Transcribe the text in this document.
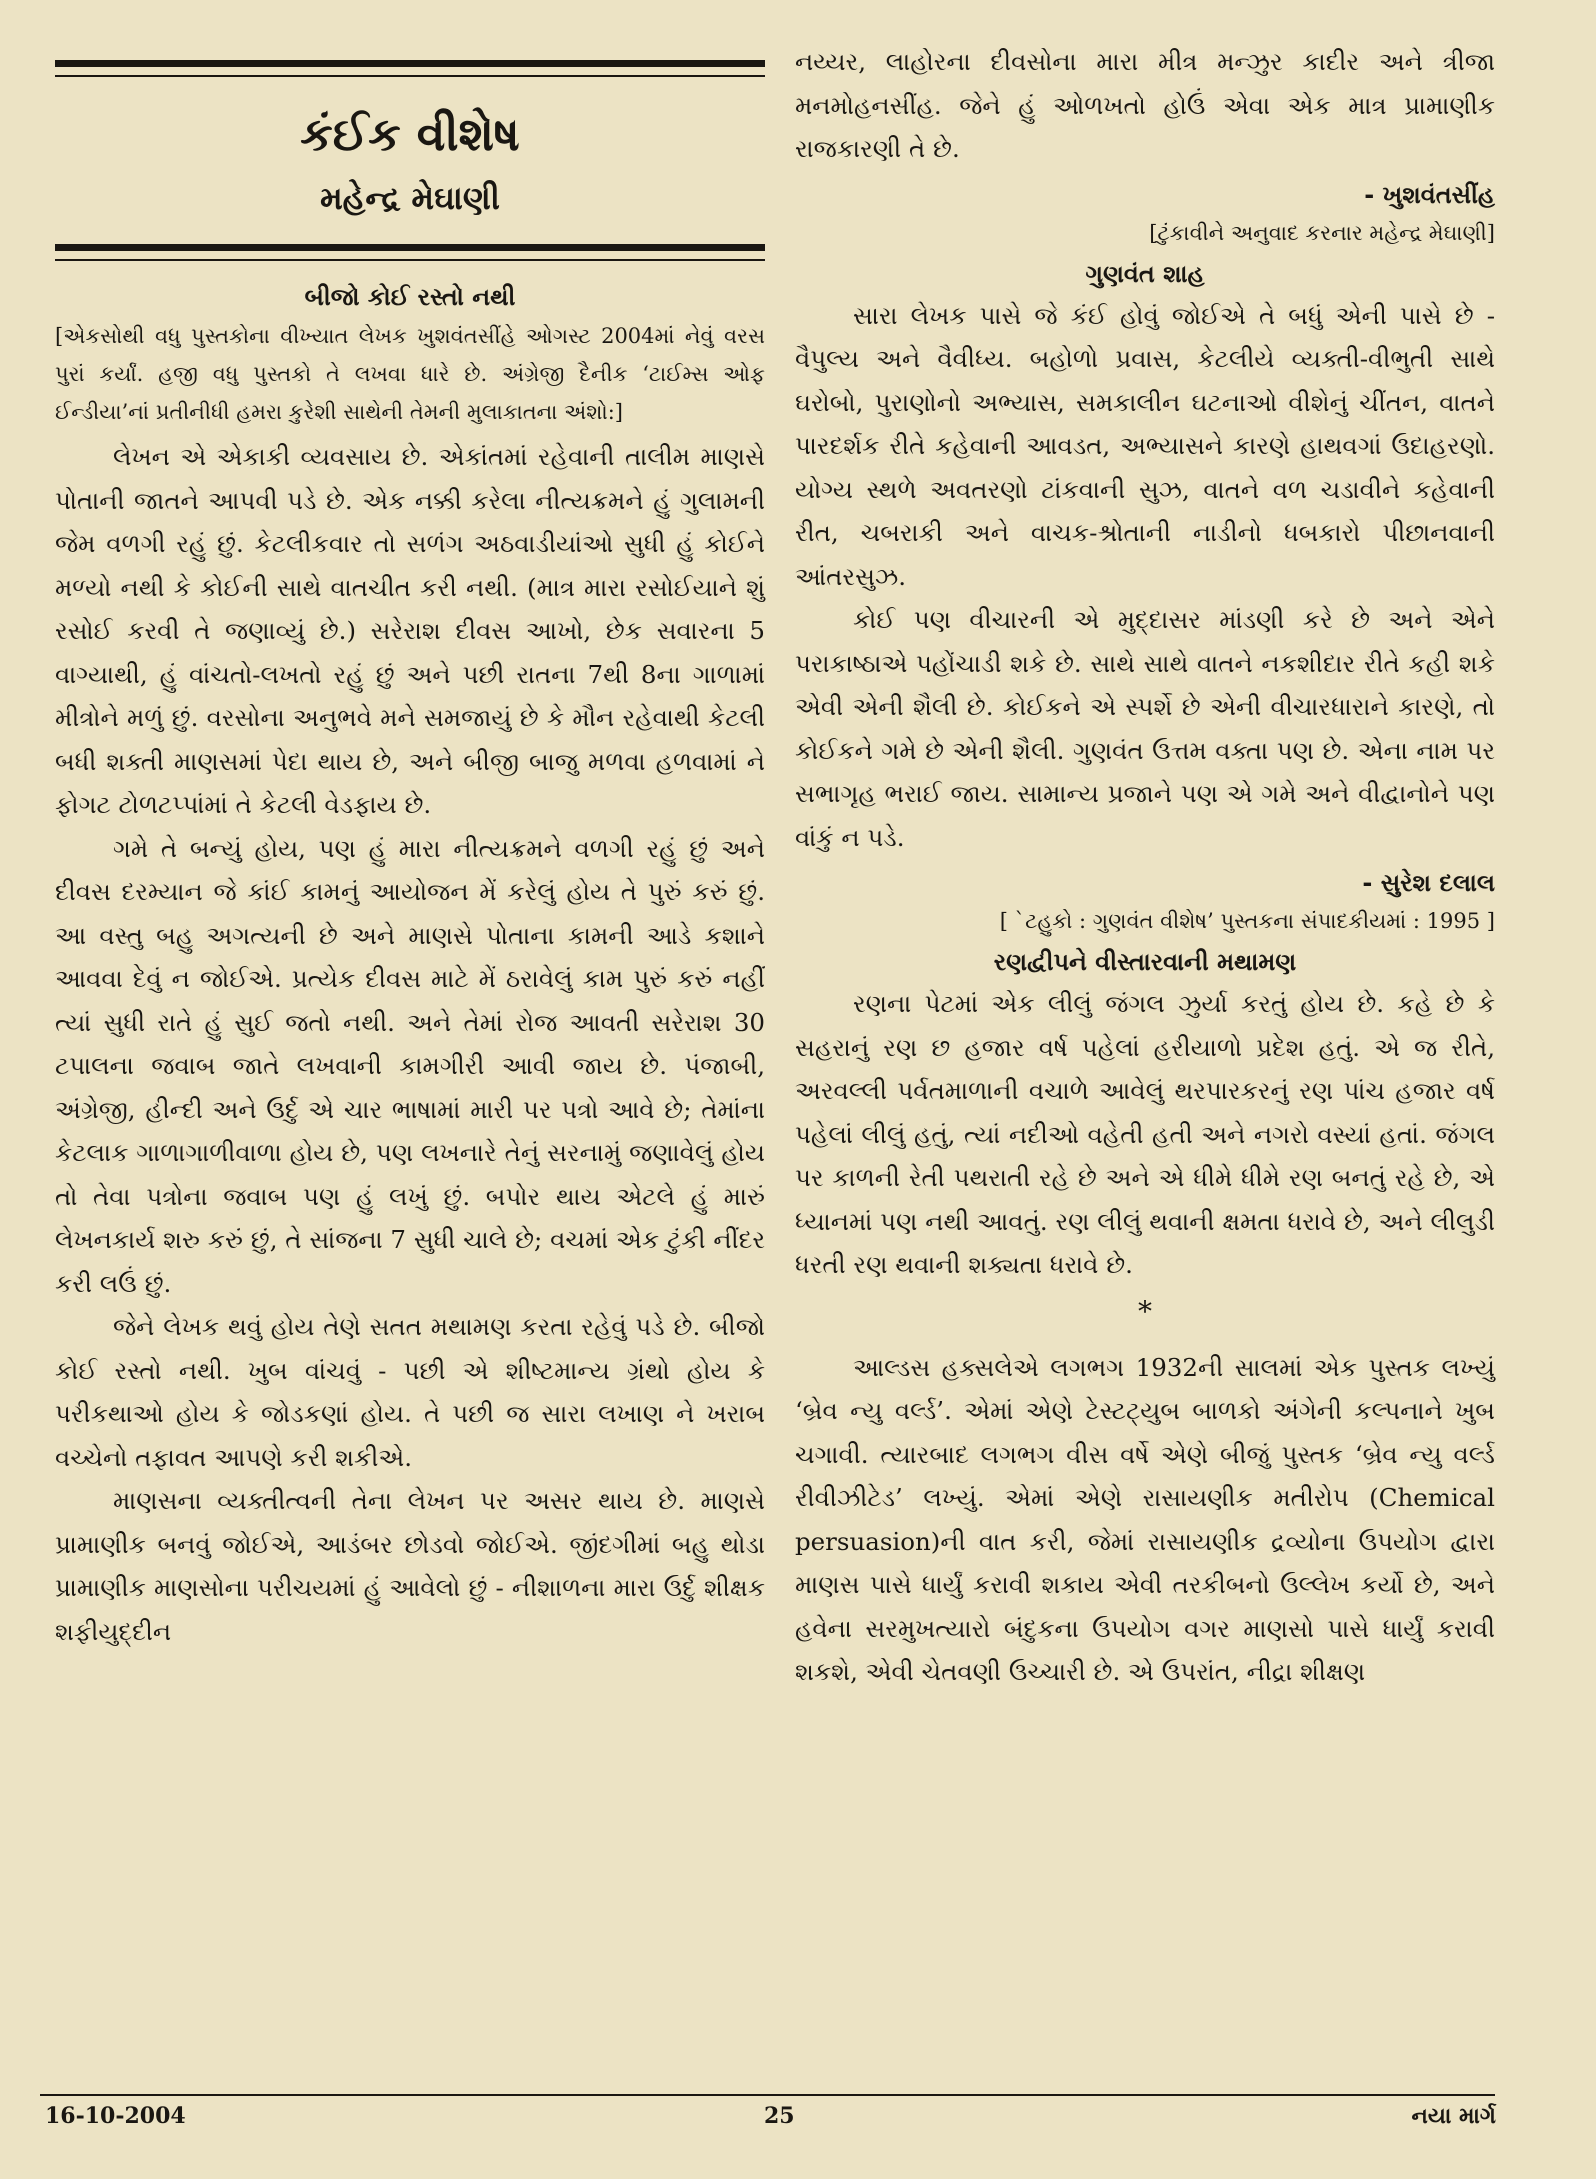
કંઈક વીશેષ
મહેન્દ્ર મેઘાણી
બીજો કોઈ રસ્તો નથી
[એકસોથી વધુ પુસ્તકોના વીખ્યાત લેખક ખુશવંતસીંહે ઓગસ્ટ 2004માં નેવું વરસ પુરાં કર્યાં. હજી વધુ પુસ્તકો તે લખવા ધારે છે. અંગ્રેજી દૈનીક ‘ટાઈમ્સ ઓફ ઈન્ડીયા’નાં પ્રતીનીધી હમરા કુરેશી સાથેની તેમની મુલાકાતના અંશો:]

લેખન એ એકાકી વ્યવસાય છે. એકાંતમાં રહેવાની તાલીમ માણસે પોતાની જાતને આપવી પડે છે. એક નક્કી કરેલા નીત્યક્રમને હું ગુલામની જેમ વળગી રહું છું. કેટલીકવાર તો સળંગ અઠવાડીયાંઓ સુધી હું કોઈને મળ્યો નથી કે કોઈની સાથે વાતચીત કરી નથી. (માત્ર મારા રસોઈયાને શું રસોઈ કરવી તે જણાવ્યું છે.) સરેરાશ દીવસ આખો, છેક સવારના 5 વાગ્યાથી, હું વાંચતો-લખતો રહું છું અને પછી રાતના 7થી 8ના ગાળામાં મીત્રોને મળું છું. વરસોના અનુભવે મને સમજાયું છે કે મૌન રહેવાથી કેટલી બધી શક્તી માણસમાં પેદા થાય છે, અને બીજી બાજુ મળવા હળવામાં ને ફોગટ ટોળટપ્પાંમાં તે કેટલી વેડફાય છે.

ગમે તે બન્યું હોય, પણ હું મારા નીત્યક્રમને વળગી રહું છું અને દીવસ દરમ્યાન જે કાંઈ કામનું આયોજન મેં કરેલું હોય તે પુરું કરું છું. આ વસ્તુ બહુ અગત્યની છે અને માણસે પોતાના કામની આડે કશાને આવવા દેવું ન જોઈએ. પ્રત્યેક દીવસ માટે મેં ઠરાવેલું કામ પુરું કરું નહીં ત્યાં સુધી રાતે હું સુઈ જતો નથી. અને તેમાં રોજ આવતી સરેરાશ 30 ટપાલના જવાબ જાતે લખવાની કામગીરી આવી જાય છે. પંજાબી, અંગ્રેજી, હીન્દી અને ઉર્દુ એ ચાર ભાષામાં મારી પર પત્રો આવે છે; તેમાંના કેટલાક ગાળાગાળીવાળા હોય છે, પણ લખનારે તેનું સરનામું જણાવેલું હોય તો તેવા પત્રોના જવાબ પણ હું લખું છું. બપોર થાય એટલે હું મારું લેખનકાર્ય શરુ કરું છું, તે સાંજના 7 સુધી ચાલે છે; વચમાં એક ટુંકી નીંદર કરી લઉં છું.

જેને લેખક થવું હોય તેણે સતત મથામણ કરતા રહેવું પડે છે. બીજો કોઈ રસ્તો નથી. ખુબ વાંચવું - પછી એ શીષ્ટમાન્ય ગ્રંથો હોય કે પરીકથાઓ હોય કે જોડકણાં હોય. તે પછી જ સારા લખાણ ને ખરાબ વચ્ચેનો તફાવત આપણે કરી શકીએ.

માણસના વ્યક્તીત્વની તેના લેખન પર અસર થાય છે. માણસે પ્રામાણીક બનવું જોઈએ, આડંબર છોડવો જોઈએ. જીંદગીમાં બહુ થોડા પ્રામાણીક માણસોના પરીચયમાં હું આવેલો છું - નીશાળના મારા ઉર્દુ શીક્ષક શફીયુદ્દીન

નય્યર, લાહોરના દીવસોના મારા મીત્ર મન્ઝુર કાદીર અને ત્રીજા મનમોહનસીંહ. જેને હું ઓળખતો હોઉં એવા એક માત્ર પ્રામાણીક રાજકારણી તે છે.

- ખુશવંતસીંહ
[ટુંકાવીને અનુવાદ કરનાર મહેન્દ્ર મેઘાણી]
ગુણવંત શાહ

સારા લેખક પાસે જે કંઈ હોવું જોઈએ તે બધું એની પાસે છે - વૈપુલ્ય અને વૈવીધ્ય. બહોળો પ્રવાસ, કેટલીયે વ્યક્તી-વીભુતી સાથે ઘરોબો, પુરાણોનો અભ્યાસ, સમકાલીન ઘટનાઓ વીશેનું ચીંતન, વાતને પારદર્શક રીતે કહેવાની આવડત, અભ્યાસને કારણે હાથવગાં ઉદાહરણો. યોગ્ય સ્થળે અવતરણો ટાંકવાની સુઝ, વાતને વળ ચડાવીને કહેવાની રીત, ચબરાકી અને વાચક-શ્રોતાની નાડીનો ધબકારો પીછાનવાની આંતરસુઝ.

કોઈ પણ વીચારની એ મુદ્દાસર માંડણી કરે છે અને એને પરાકાષ્ઠાએ પહોંચાડી શકે છે. સાથે સાથે વાતને નકશીદાર રીતે કહી શકે એવી એની શૈલી છે. કોઈકને એ સ્પર્શે છે એની વીચારધારાને કારણે, તો કોઈકને ગમે છે એની શૈલી. ગુણવંત ઉત્તમ વક્તા પણ છે. એના નામ પર સભાગૃહ ભરાઈ જાય. સામાન્ય પ્રજાને પણ એ ગમે અને વીદ્વાનોને પણ વાંકું ન પડે.

- સુરેશ દલાલ
[ `ટહુકો : ગુણવંત વીશેષ’ પુસ્તકના સંપાદકીયમાં : 1995 ]
રણદ્વીપને વીસ્તારવાની મથામણ

રણના પેટમાં એક લીલું જંગલ ઝુર્યા કરતું હોય છે. કહે છે કે સહરાનું રણ છ હજાર વર્ષ પહેલાં હરીયાળો પ્રદેશ હતું. એ જ રીતે, અરવલ્લી પર્વતમાળાની વચાળે આવેલું થરપારકરનું રણ પાંચ હજાર વર્ષ પહેલાં લીલું હતું, ત્યાં નદીઓ વહેતી હતી અને નગરો વસ્યાં હતાં. જંગલ પર કાળની રેતી પથરાતી રહે છે અને એ ધીમે ધીમે રણ બનતું રહે છે, એ ધ્યાનમાં પણ નથી આવતું. રણ લીલું થવાની ક્ષમતા ધરાવે છે, અને લીલુડી ધરતી રણ થવાની શક્યતા ધરાવે છે.

*

આલ્ડસ હક્સલેએ લગભગ 1932ની સાલમાં એક પુસ્તક લખ્યું ‘બ્રેવ ન્યુ વર્લ્ડ’. એમાં એણે ટેસ્ટટ્યુબ બાળકો અંગેની કલ્પનાને ખુબ ચગાવી. ત્યારબાદ લગભગ વીસ વર્ષે એણે બીજું પુસ્તક ‘બ્રેવ ન્યુ વર્લ્ડ રીવીઝીટેડ’ લખ્યું. એમાં એણે રાસાયણીક મતીરોપ (Chemical persuasion)ની વાત કરી, જેમાં રાસાયણીક દ્રવ્યોના ઉપયોગ દ્વારા માણસ પાસે ધાર્યું કરાવી શકાય એવી તરકીબનો ઉલ્લેખ કર્યો છે, અને હવેના સરમુખત્યારો બંદુકના ઉપયોગ વગર માણસો પાસે ધાર્યું કરાવી શકશે, એવી ચેતવણી ઉચ્ચારી છે. એ ઉપરાંત, નીદ્રા શીક્ષણ

16-10-2004	25	નયા માર્ગ
